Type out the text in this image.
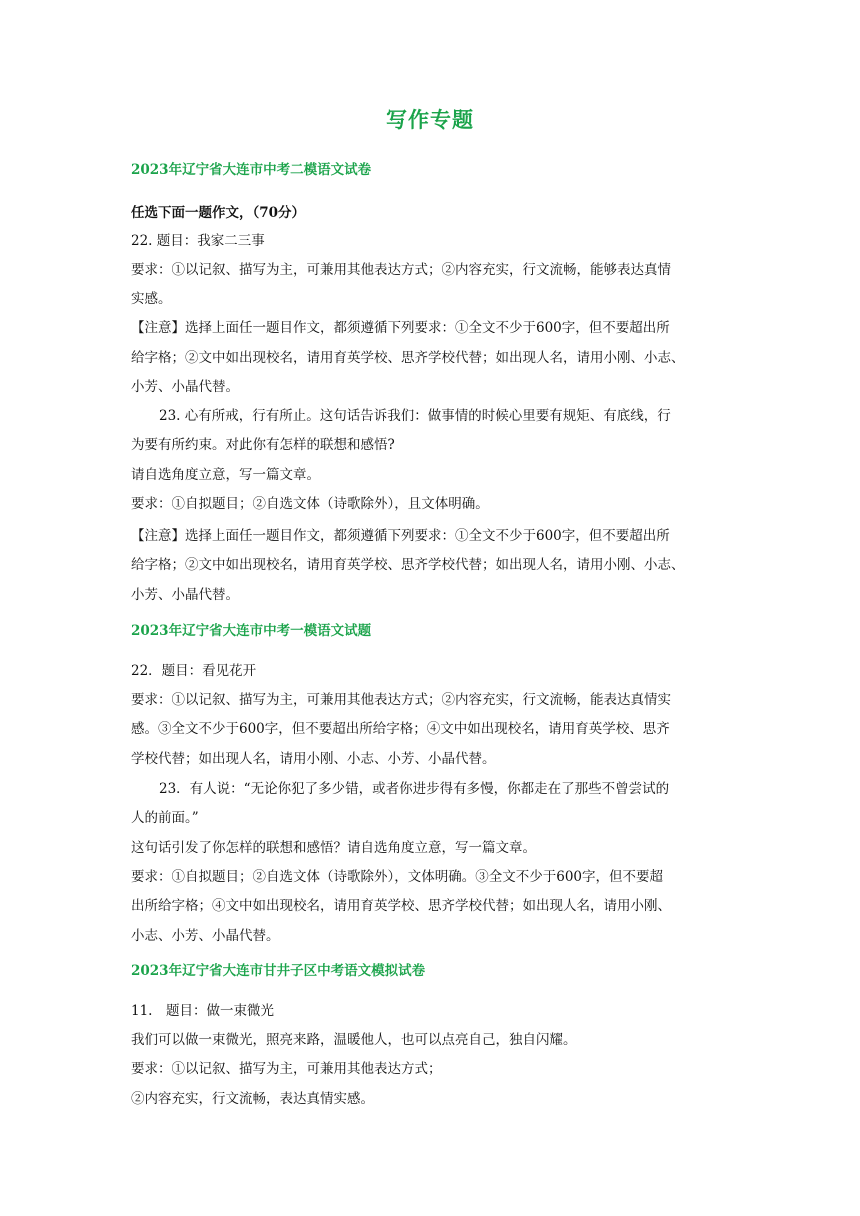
写作专题
2023年辽宁省大连市中考二模语文试卷
任选下面一题作文，（70分）
22. 题目：我家二三事
要求：①以记叙、描写为主，可兼用其他表达方式；②内容充实，行文流畅，能够表达真情
实感。
【注意】选择上面任一题目作文，都须遵循下列要求：①全文不少于600字，但不要超出所
给字格；②文中如出现校名，请用育英学校、思齐学校代替；如出现人名，请用小刚、小志、
小芳、小晶代替。
23. 心有所戒，行有所止。这句话告诉我们：做事情的时候心里要有规矩、有底线，行
为要有所约束。对此你有怎样的联想和感悟?
请自选角度立意，写一篇文章。
要求：①自拟题目；②自选文体（诗歌除外），且文体明确。
【注意】选择上面任一题目作文，都须遵循下列要求：①全文不少于600字，但不要超出所
给字格；②文中如出现校名，请用育英学校、思齐学校代替；如出现人名，请用小刚、小志、
小芳、小晶代替。
2023年辽宁省大连市中考一模语文试题
22．题目：看见花开
要求：①以记叙、描写为主，可兼用其他表达方式；②内容充实，行文流畅，能表达真情实
感。③全文不少于600字，但不要超出所给字格；④文中如出现校名，请用育英学校、思齐
学校代替；如出现人名，请用小刚、小志、小芳、小晶代替。
23．有人说：“无论你犯了多少错，或者你进步得有多慢，你都走在了那些不曾尝试的
人的前面。”
这句话引发了你怎样的联想和感悟？请自选角度立意，写一篇文章。
要求：①自拟题目；②自选文体（诗歌除外），文体明确。③全文不少于600字，但不要超
出所给字格；④文中如出现校名，请用育英学校、思齐学校代替；如出现人名，请用小刚、
小志、小芳、小晶代替。
2023年辽宁省大连市甘井子区中考语文模拟试卷
11.　题目：做一束微光
我们可以做一束微光，照亮来路，温暖他人，也可以点亮自己，独自闪耀。
要求：①以记叙、描写为主，可兼用其他表达方式；
②内容充实，行文流畅，表达真情实感。
